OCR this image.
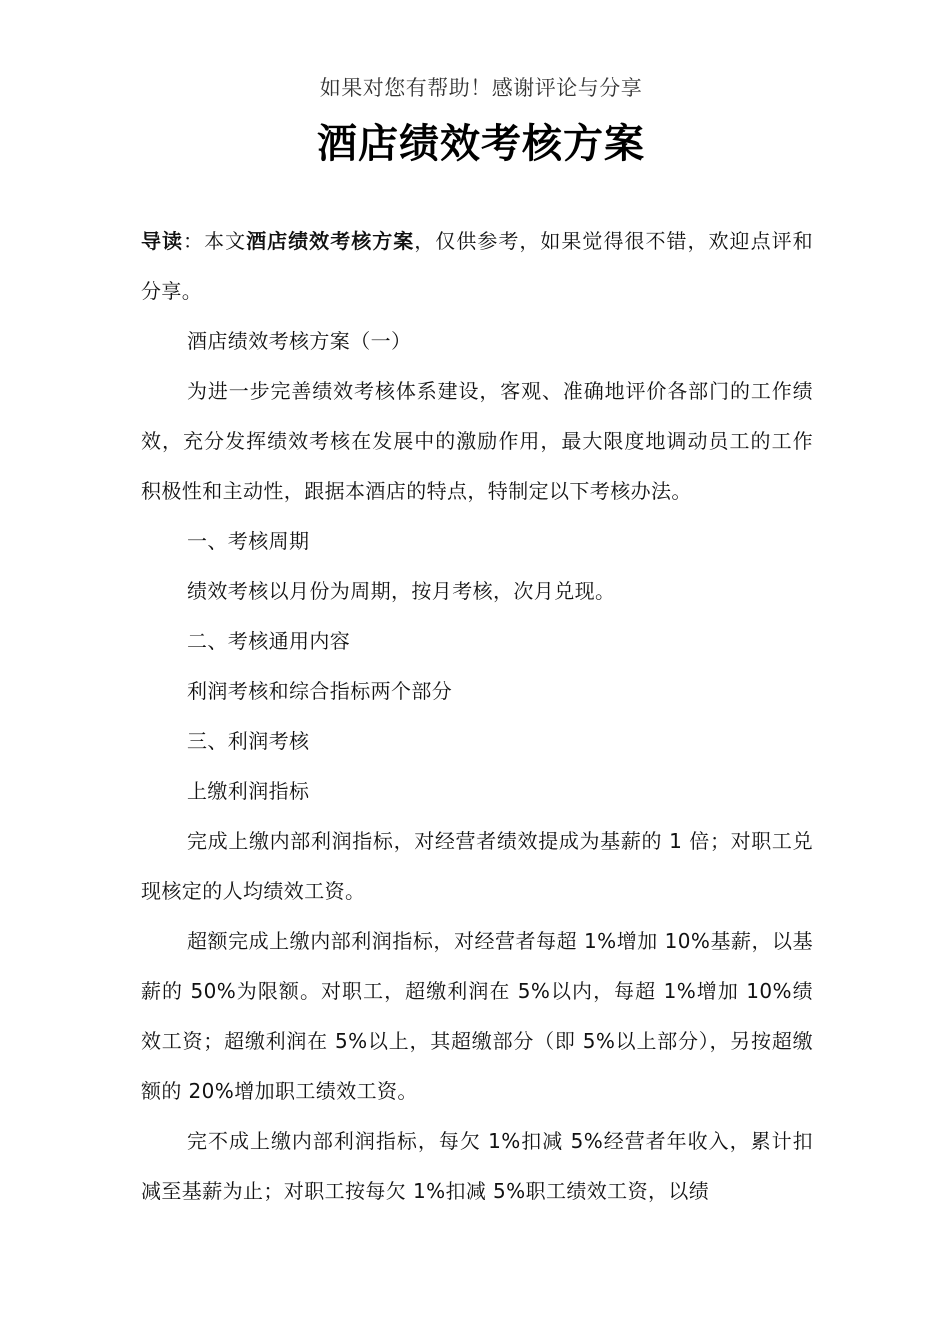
如果对您有帮助！感谢评论与分享
酒店绩效考核方案

导读：本文酒店绩效考核方案，仅供参考，如果觉得很不错，欢迎点评和分享。

酒店绩效考核方案（一）

为进一步完善绩效考核体系建设，客观、准确地评价各部门的工作绩效，充分发挥绩效考核在发展中的激励作用，最大限度地调动员工的工作积极性和主动性，跟据本酒店的特点，特制定以下考核办法。

一、考核周期

绩效考核以月份为周期，按月考核，次月兑现。

二、考核通用内容

利润考核和综合指标两个部分

三、利润考核

上缴利润指标

完成上缴内部利润指标，对经营者绩效提成为基薪的 1 倍；对职工兑现核定的人均绩效工资。

超额完成上缴内部利润指标，对经营者每超 1%增加 10%基薪，以基薪的 50%为限额。对职工，超缴利润在 5%以内，每超 1%增加 10%绩效工资；超缴利润在 5%以上，其超缴部分（即 5%以上部分），另按超缴额的 20%增加职工绩效工资。

完不成上缴内部利润指标，每欠 1%扣减 5%经营者年收入，累计扣减至基薪为止；对职工按每欠 1%扣减 5%职工绩效工资，以绩
